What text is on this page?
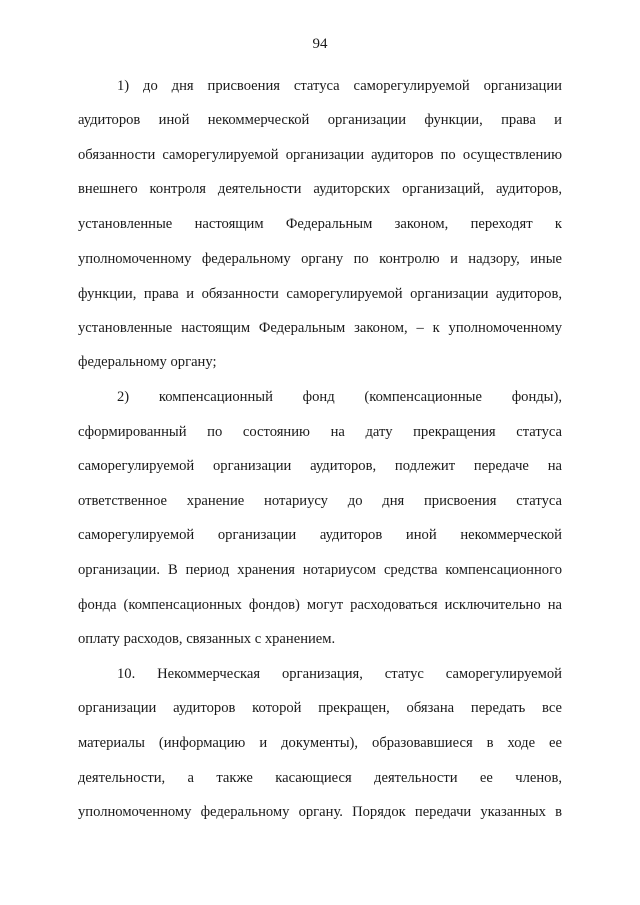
94
1) до дня присвоения статуса саморегулируемой организации
аудиторов иной некоммерческой организации функции, права и
обязанности саморегулируемой организации аудиторов по осуществлению
внешнего контроля деятельности аудиторских организаций, аудиторов,
установленные настоящим Федеральным законом, переходят к
уполномоченному федеральному органу по контролю и надзору, иные
функции, права и обязанности саморегулируемой организации аудиторов,
установленные настоящим Федеральным законом, – к уполномоченному
федеральному органу;
2) компенсационный фонд (компенсационные фонды),
сформированный по состоянию на дату прекращения статуса
саморегулируемой организации аудиторов, подлежит передаче на
ответственное хранение нотариусу до дня присвоения статуса
саморегулируемой организации аудиторов иной некоммерческой
организации. В период хранения нотариусом средства компенсационного
фонда (компенсационных фондов) могут расходоваться исключительно на
оплату расходов, связанных с хранением.
10. Некоммерческая организация, статус саморегулируемой
организации аудиторов которой прекращен, обязана передать все
материалы (информацию и документы), образовавшиеся в ходе ее
деятельности, а также касающиеся деятельности ее членов,
уполномоченному федеральному органу. Порядок передачи указанных в
